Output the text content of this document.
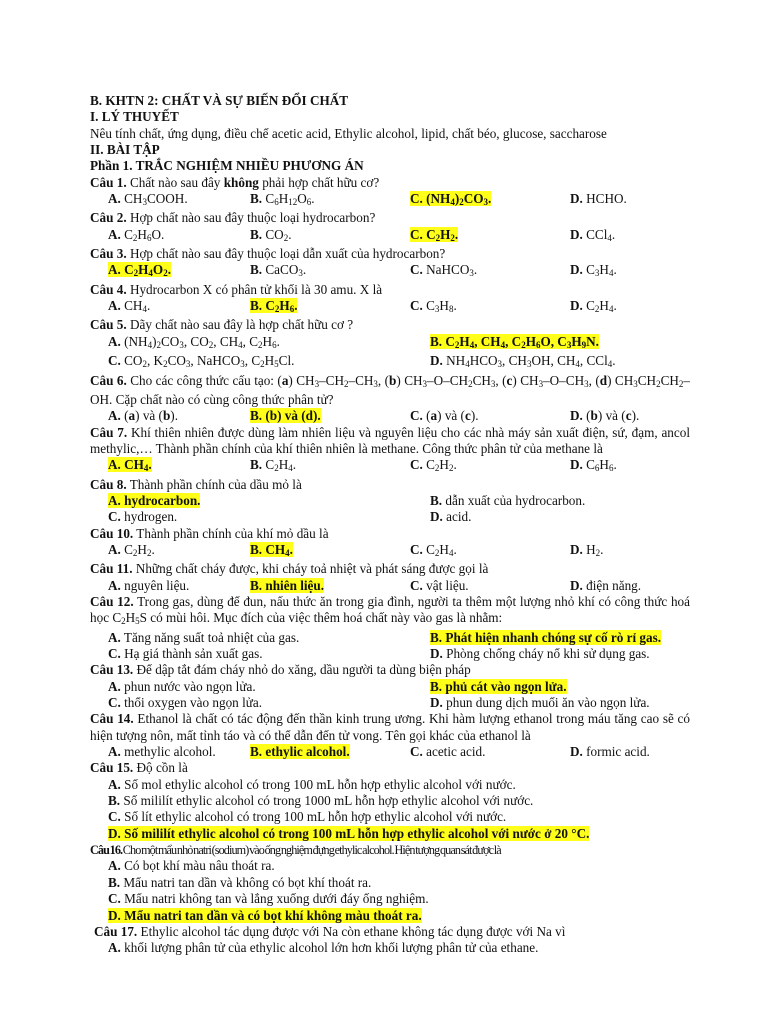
B. KHTN 2: CHẤT VÀ SỰ BIẾN ĐỔI CHẤT
I. LÝ THUYẾT
Nêu tính chất, ứng dụng, điều chế acetic acid, Ethylic alcohol, lipid, chất béo, glucose, saccharose
II. BÀI TẬP
Phần 1. TRẮC NGHIỆM NHIỀU PHƯƠNG ÁN
Câu 1. Chất nào sau đây không phải hợp chất hữu cơ?
A. $CH_3COOH$.	B. $C_6H_{12}O_6$.	C. $(NH_4)_2CO_3$.	D. HCHO.
Câu 2. Hợp chất nào sau đây thuộc loại hydrocarbon?
A. $C_2H_6O$.	B. $CO_2$.	C. $C_2H_2$.	D. CCl$_4$.
Câu 3. Hợp chất nào sau đây thuộc loại dẫn xuất của hydrocarbon?
A. $C_2H_4O_2$.	B. CaCO$_3$.	C. NaHCO$_3$.	D. $C_3H_4$.
Câu 4. Hydrocarbon X có phân tử khối là 30 amu. X là
A. $CH_4$.	B. $C_2H_6$.	C. $C_3H_8$.	D. $C_2H_4$.
Câu 5. Dãy chất nào sau đây là hợp chất hữu cơ ?
A. $(NH_4)_2CO_3$, $CO_2$, $CH_4$, $C_2H_6$.	B. $C_2H_4$, $CH_4$, $C_2H_6O$, $C_3H_9N$.
C. $CO_2$, $K_2CO_3$, NaHCO$_3$, $C_2H_5Cl$.	D. $NH_4HCO_3$, $CH_3OH$, $CH_4$, CCl$_4$.
Câu 6. Cho các công thức cấu tạo: (a) $CH_3-CH_2-CH_3$, (b) $CH_3-O-CH_2CH_3$, (c) $CH_3-O-CH_3$, (d) $CH_3CH_2CH_2-OH$. Cặp chất nào có cùng công thức phân tử?
A. (a) và (b).	B. (b) và (d).	C. (a) và (c).	D. (b) và (c).
Câu 7. Khí thiên nhiên được dùng làm nhiên liệu và nguyên liệu cho các nhà máy sản xuất điện, sứ, đạm, ancol methylic,… Thành phần chính của khí thiên nhiên là methane. Công thức phân tử của methane là
A. $CH_4$.	B. $C_2H_4$.	C. $C_2H_2$.	D. $C_6H_6$.
Câu 8. Thành phần chính của dầu mỏ là
A. hydrocarbon.	B. dẫn xuất của hydrocarbon.
C. hydrogen.	D. acid.
Câu 10. Thành phần chính của khí mỏ dầu là
A. $C_2H_2$.	B. $CH_4$.	C. $C_2H_4$.	D. $H_2$.
Câu 11. Những chất cháy được, khi cháy toả nhiệt và phát sáng được gọi là
A. nguyên liệu.	B. nhiên liệu.	C. vật liệu.	D. điện năng.
Câu 12. Trong gas, dùng để đun, nấu thức ăn trong gia đình, người ta thêm một lượng nhỏ khí có công thức hoá học $C_2H_5S$ có mùi hôi. Mục đích của việc thêm hoá chất này vào gas là nhằm:
A. Tăng năng suất toả nhiệt của gas.	B. Phát hiện nhanh chóng sự cố rò rỉ gas.
C. Hạ giá thành sản xuất gas.	D. Phòng chống cháy nổ khi sử dụng gas.
Câu 13. Để dập tắt đám cháy nhỏ do xăng, dầu người ta dùng biện pháp
A. phun nước vào ngọn lửa.	B. phủ cát vào ngọn lửa.
C. thổi oxygen vào ngọn lửa.	D. phun dung dịch muối ăn vào ngọn lửa.
Câu 14. Ethanol là chất có tác động đến thần kinh trung ương. Khi hàm lượng ethanol trong máu tăng cao sẽ có hiện tượng nôn, mất tỉnh táo và có thể dẫn đến tử vong. Tên gọi khác của ethanol là
A. methylic alcohol.	B. ethylic alcohol.	C. acetic acid.	D. formic acid.
Câu 15. Độ cồn là
A. Số mol ethylic alcohol có trong 100 mL hỗn hợp ethylic alcohol với nước.
B. Số mililít ethylic alcohol có trong 1000 mL hỗn hợp ethylic alcohol với nước.
C. Số lít ethylic alcohol có trong 100 mL hỗn hợp ethylic alcohol với nước.
D. Số mililít ethylic alcohol có trong 100 mL hỗn hợp ethylic alcohol với nước ở 20 °C.
Câu 16. Cho một mẩu nhỏ natri (sodium) vào ống nghiệm đựng ethylic alcohol. Hiện tượng quan sát được là
A. Có bọt khí màu nâu thoát ra.
B. Mẩu natri tan dần và không có bọt khí thoát ra.
C. Mẩu natri không tan và lắng xuống dưới đáy ống nghiệm.
D. Mẩu natri tan dần và có bọt khí không màu thoát ra.
Câu 17. Ethylic alcohol tác dụng được với Na còn ethane không tác dụng được với Na vì
A. khối lượng phân tử của ethylic alcohol lớn hơn khối lượng phân tử của ethane.
